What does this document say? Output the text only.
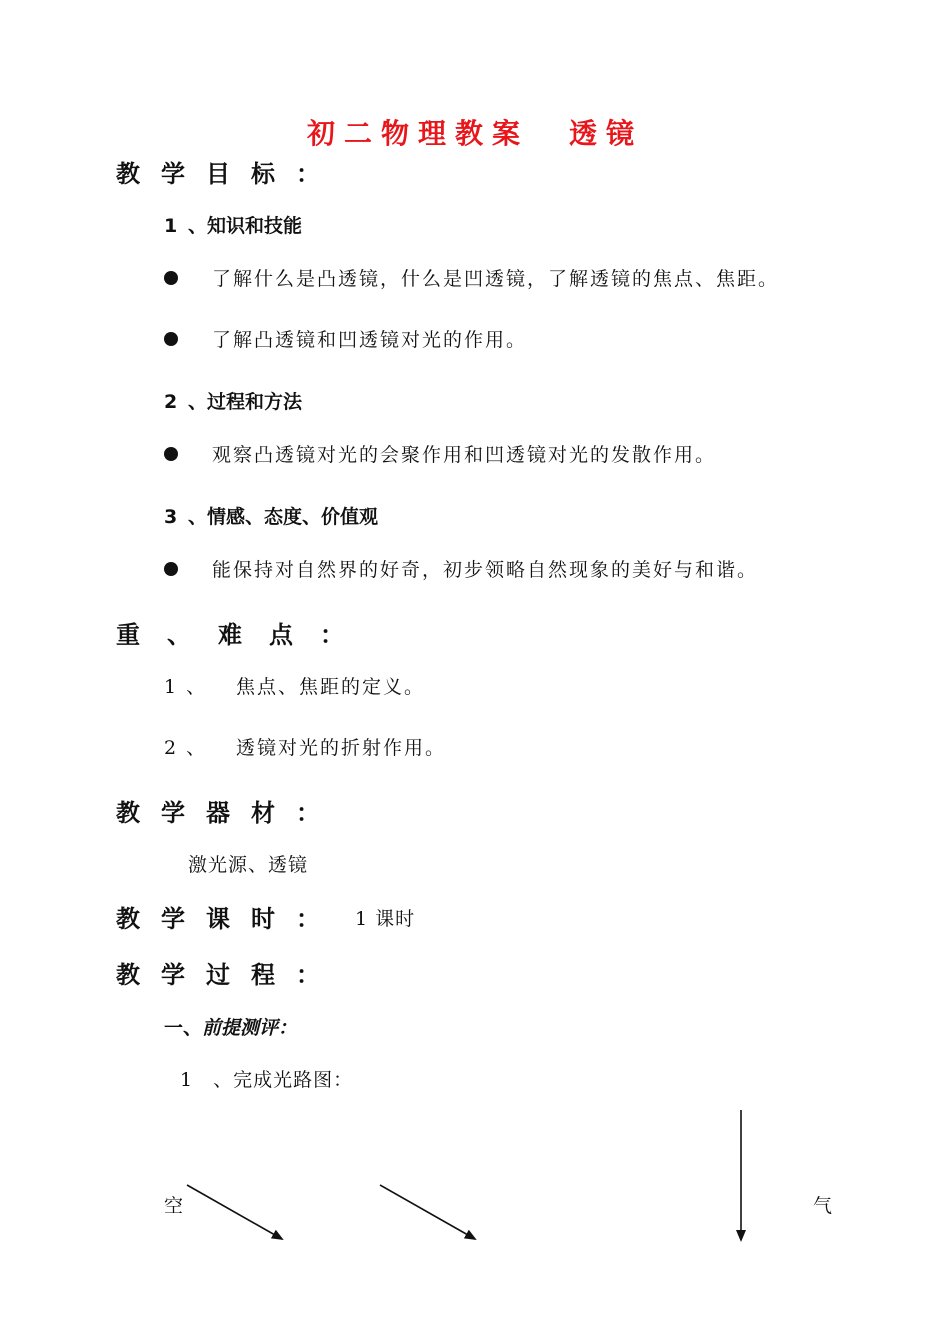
初二物理教案 透镜
教学目标：
1 、知识和技能
了解什么是凸透镜，什么是凹透镜，了解透镜的焦点、焦距。
了解凸透镜和凹透镜对光的作用。
2 、过程和方法
观察凸透镜对光的会聚作用和凹透镜对光的发散作用。
3 、情感、态度、价值观
能保持对自然界的好奇，初步领略自然现象的美好与和谐。
重、难点：
1 、 焦点、焦距的定义。
2 、 透镜对光的折射作用。
教学器材：
激光源、透镜
教学课时： 1 课时
教学过程：
一、前提测评：
1　、完成光路图：
空	气
